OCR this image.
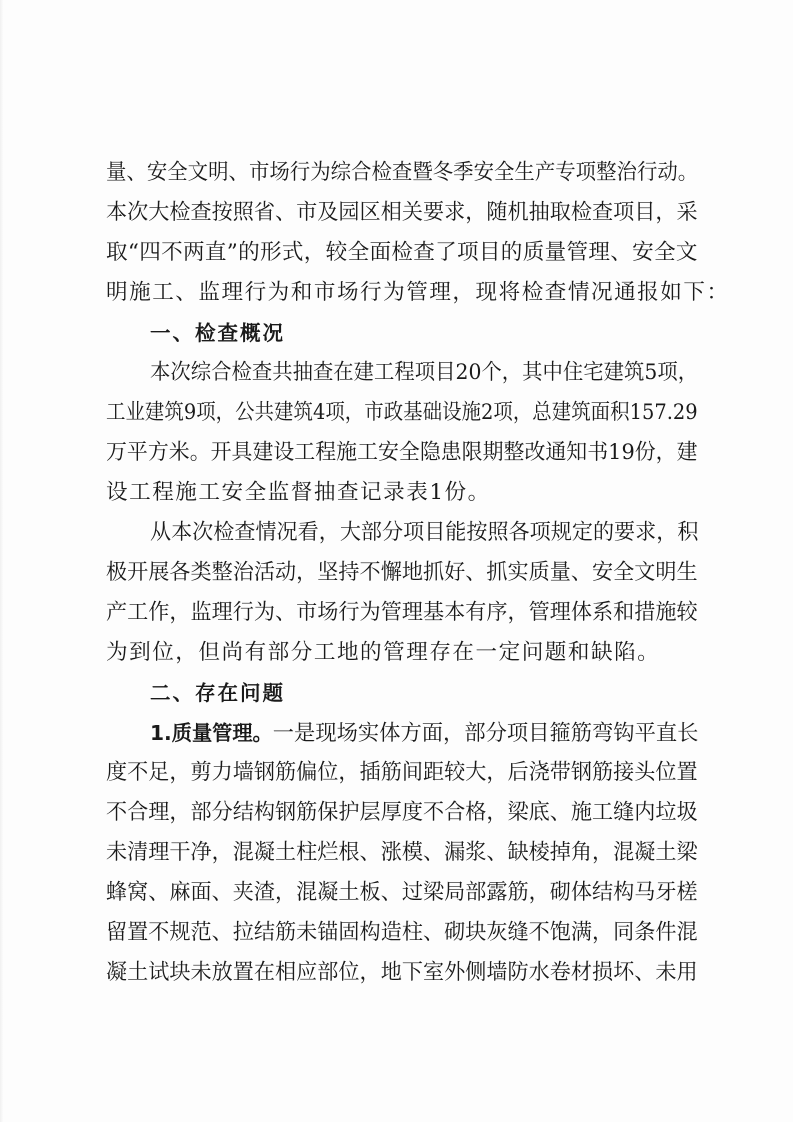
量、安全文明、市场行为综合检查暨冬季安全生产专项整治行动。
本次大检查按照省、市及园区相关要求，随机抽取检查项目，采
取“四不两直”的形式，较全面检查了项目的质量管理、安全文
明施工、监理行为和市场行为管理，现将检查情况通报如下：
一、检查概况
本次综合检查共抽查在建工程项目20个，其中住宅建筑5项，
工业建筑9项，公共建筑4项，市政基础设施2项，总建筑面积157.29
万平方米。开具建设工程施工安全隐患限期整改通知书19份，建
设工程施工安全监督抽查记录表1份。
从本次检查情况看，大部分项目能按照各项规定的要求，积
极开展各类整治活动，坚持不懈地抓好、抓实质量、安全文明生
产工作，监理行为、市场行为管理基本有序，管理体系和措施较
为到位，但尚有部分工地的管理存在一定问题和缺陷。
二、存在问题
1.质量管理。一是现场实体方面，部分项目箍筋弯钩平直长
度不足，剪力墙钢筋偏位，插筋间距较大，后浇带钢筋接头位置
不合理，部分结构钢筋保护层厚度不合格，梁底、施工缝内垃圾
未清理干净，混凝土柱烂根、涨模、漏浆、缺棱掉角，混凝土梁
蜂窝、麻面、夹渣，混凝土板、过梁局部露筋，砌体结构马牙槎
留置不规范、拉结筋未锚固构造柱、砌块灰缝不饱满，同条件混
凝土试块未放置在相应部位，地下室外侧墙防水卷材损坏、未用
